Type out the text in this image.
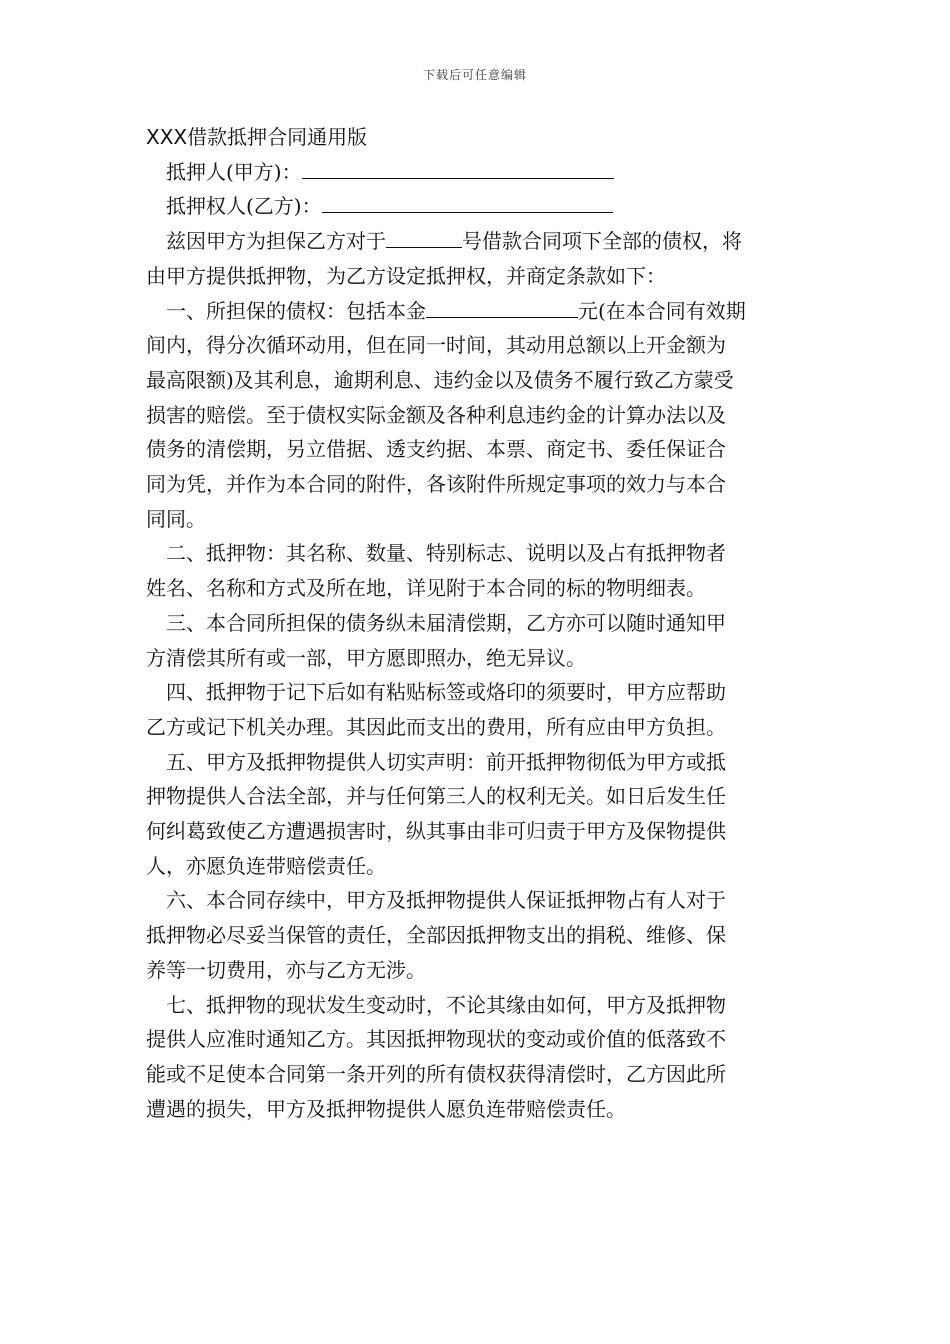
下载后可任意编辑
XXX借款抵押合同通用版
抵押人(甲方)：
抵押权人(乙方)：
兹因甲方为担保乙方对于	号借款合同项下全部的债权，将
由甲方提供抵押物，为乙方设定抵押权，并商定条款如下：
一、所担保的债权：包括本金	元(在本合同有效期
间内，得分次循环动用，但在同一时间，其动用总额以上开金额为
最高限额)及其利息，逾期利息、违约金以及债务不履行致乙方蒙受
损害的赔偿。至于债权实际金额及各种利息违约金的计算办法以及
债务的清偿期，另立借据、透支约据、本票、商定书、委任保证合
同为凭，并作为本合同的附件，各该附件所规定事项的效力与本合
同同。
二、抵押物：其名称、数量、特别标志、说明以及占有抵押物者
姓名、名称和方式及所在地，详见附于本合同的标的物明细表。
三、本合同所担保的债务纵未届清偿期，乙方亦可以随时通知甲
方清偿其所有或一部，甲方愿即照办，绝无异议。
四、抵押物于记下后如有粘贴标签或烙印的须要时，甲方应帮助
乙方或记下机关办理。其因此而支出的费用，所有应由甲方负担。
五、甲方及抵押物提供人切实声明：前开抵押物彻低为甲方或抵
押物提供人合法全部，并与任何第三人的权利无关。如日后发生任
何纠葛致使乙方遭遇损害时，纵其事由非可归责于甲方及保物提供
人，亦愿负连带赔偿责任。
六、本合同存续中，甲方及抵押物提供人保证抵押物占有人对于
抵押物必尽妥当保管的责任，全部因抵押物支出的捐税、维修、保
养等一切费用，亦与乙方无涉。
七、抵押物的现状发生变动时，不论其缘由如何，甲方及抵押物
提供人应准时通知乙方。其因抵押物现状的变动或价值的低落致不
能或不足使本合同第一条开列的所有债权获得清偿时，乙方因此所
遭遇的损失，甲方及抵押物提供人愿负连带赔偿责任。
